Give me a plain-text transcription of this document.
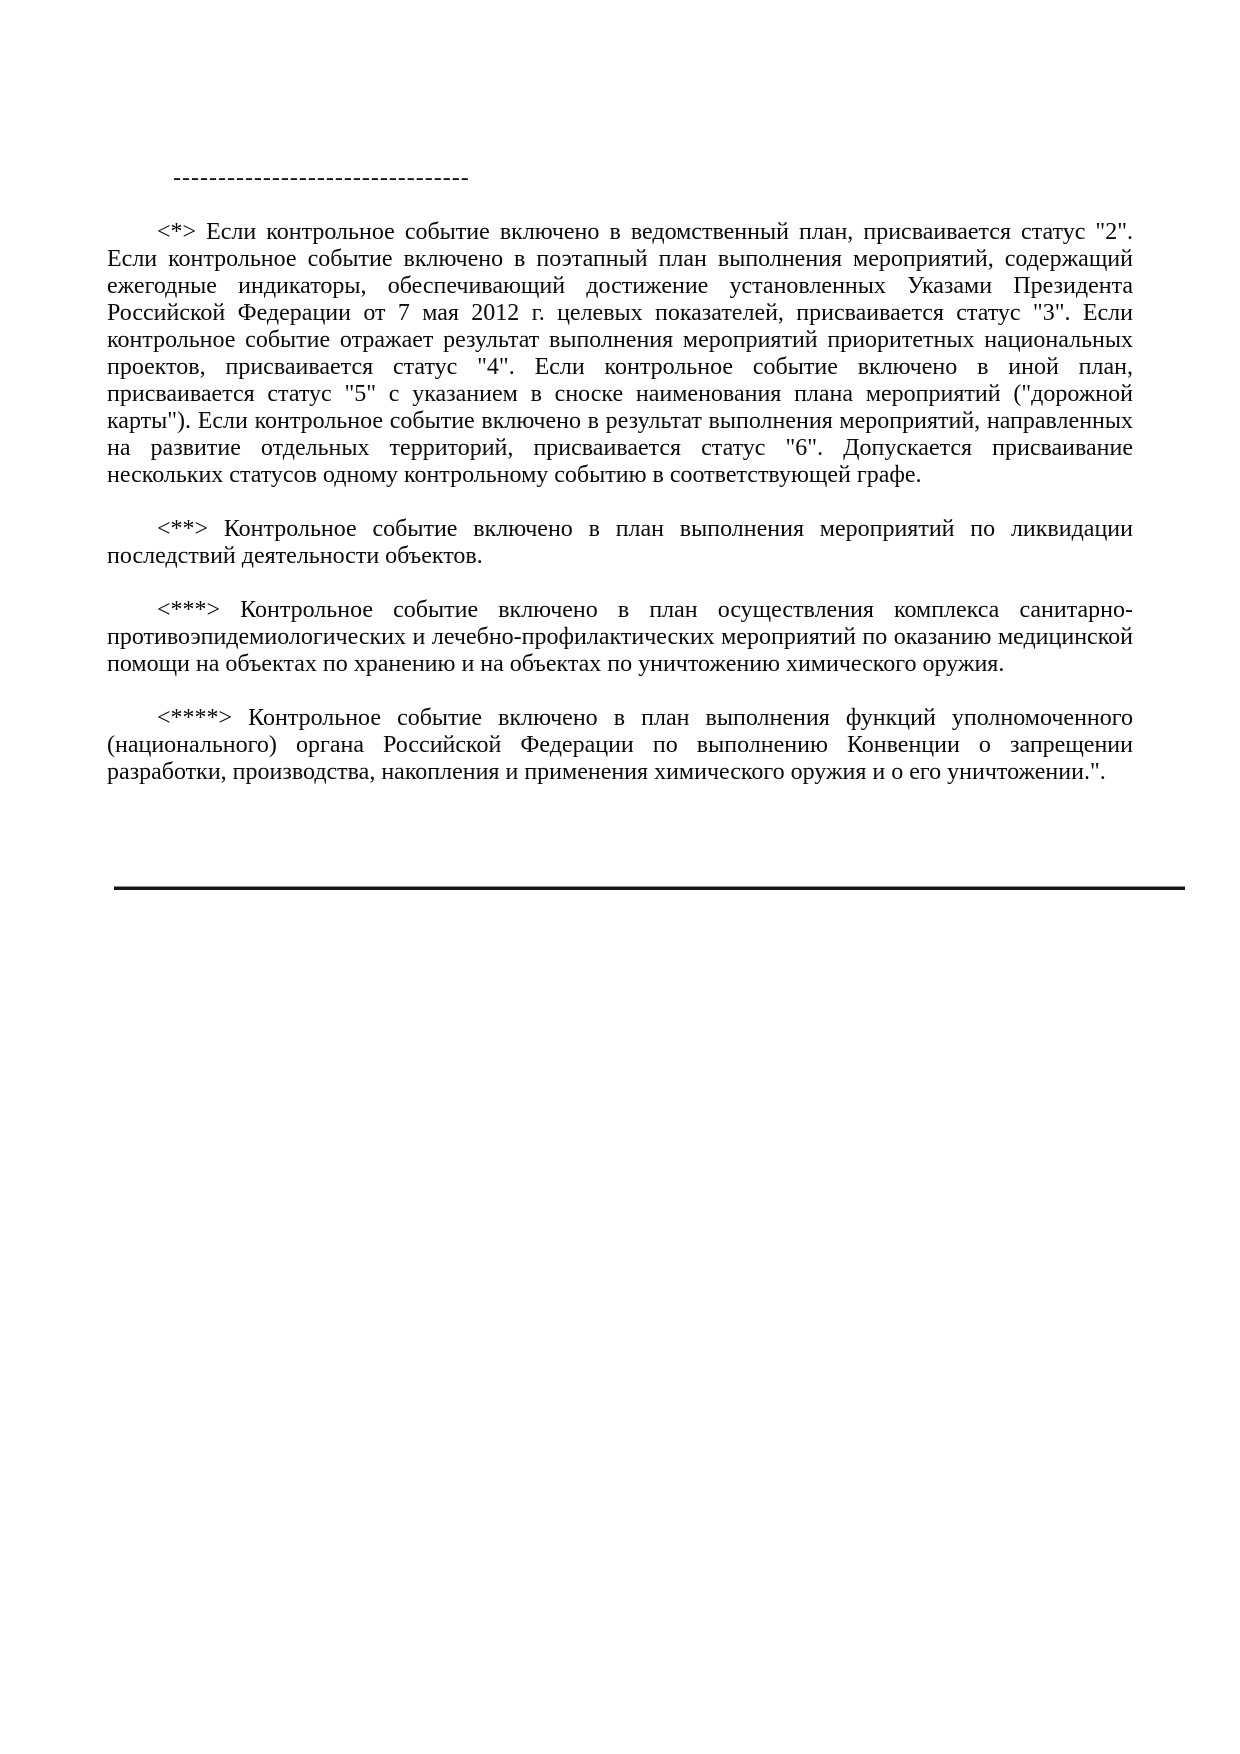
---------------------------------

<*> Если контрольное событие включено в ведомственный план, присваивается статус "2". Если контрольное событие включено в поэтапный план выполнения мероприятий, содержащий ежегодные индикаторы, обеспечивающий достижение установленных Указами Президента Российской Федерации от 7 мая 2012 г. целевых показателей, присваивается статус "3". Если контрольное событие отражает результат выполнения мероприятий приоритетных национальных проектов, присваивается статус "4". Если контрольное событие включено в иной план, присваивается статус "5" с указанием в сноске наименования плана мероприятий ("дорожной карты"). Если контрольное событие включено в результат выполнения мероприятий, направленных на развитие отдельных территорий, присваивается статус "6". Допускается присваивание нескольких статусов одному контрольному событию в соответствующей графе.

<**> Контрольное событие включено в план выполнения мероприятий по ликвидации последствий деятельности объектов.

<***> Контрольное событие включено в план осуществления комплекса санитарно-противоэпидемиологических и лечебно-профилактических мероприятий по оказанию медицинской помощи на объектах по хранению и на объектах по уничтожению химического оружия.

<****> Контрольное событие включено в план выполнения функций уполномоченного (национального) органа Российской Федерации по выполнению Конвенции о запрещении разработки, производства, накопления и применения химического оружия и о его уничтожении.".
